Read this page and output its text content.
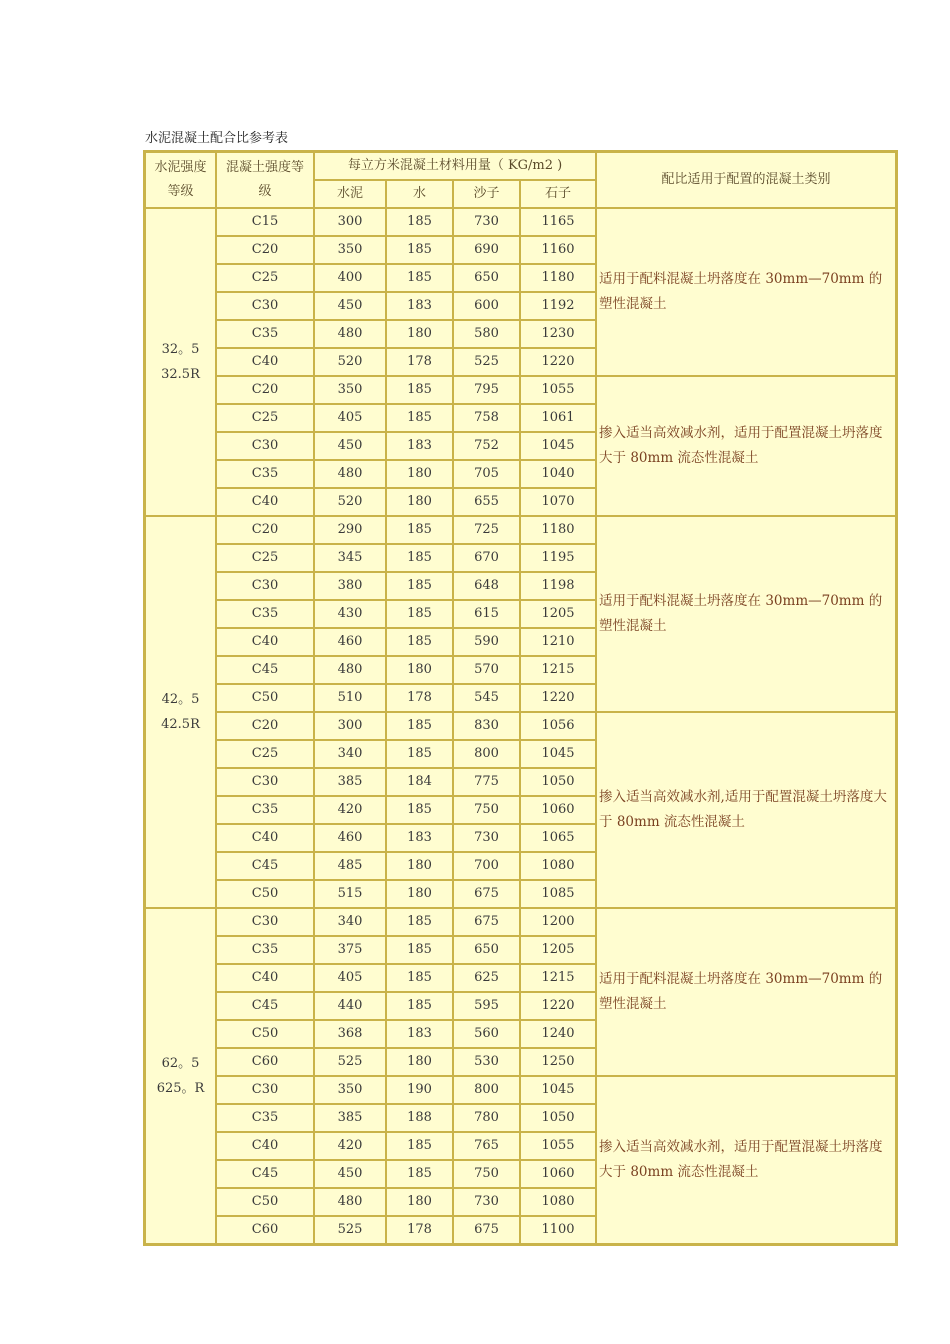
水泥混凝土配合比参考表
水泥强度
等级	混凝土强度等
级	每立方米混凝土材料用量（ KG/m2 )				配比适用于配置的混凝土类别
		水泥	水	沙子	石子	

32。5
32.5R	C15	300	185	730	1165	适用于配料混凝土坍落度在 30mm—70mm 的塑性混凝土
	C20	350	185	690	1160	
	C25	400	185	650	1180	
	C30	450	183	600	1192	
	C35	480	180	580	1230	
	C40	520	178	525	1220	
	C20	350	185	795	1055	掺入适当高效减水剂，适用于配置混凝土坍落度大于 80mm 流态性混凝土
	C25	405	185	758	1061	
	C30	450	183	752	1045	
	C35	480	180	705	1040	
	C40	520	180	655	1070	

42。5
42.5R	C20	290	185	725	1180	适用于配料混凝土坍落度在 30mm—70mm 的塑性混凝土
	C25	345	185	670	1195	
	C30	380	185	648	1198	
	C35	430	185	615	1205	
	C40	460	185	590	1210	
	C45	480	180	570	1215	
	C50	510	178	545	1220	
	C20	300	185	830	1056	掺入适当高效减水剂,适用于配置混凝土坍落度大于 80mm 流态性混凝土
	C25	340	185	800	1045	
	C30	385	184	775	1050	
	C35	420	185	750	1060	
	C40	460	183	730	1065	
	C45	485	180	700	1080	
	C50	515	180	675	1085	

62。5
625。R	C30	340	185	675	1200	适用于配料混凝土坍落度在 30mm—70mm 的塑性混凝土
	C35	375	185	650	1205	
	C40	405	185	625	1215	
	C45	440	185	595	1220	
	C50	368	183	560	1240	
	C60	525	180	530	1250	
	C30	350	190	800	1045	掺入适当高效减水剂，适用于配置混凝土坍落度大于 80mm 流态性混凝土
	C35	385	188	780	1050	
	C40	420	185	765	1055	
	C45	450	185	750	1060	
	C50	480	180	730	1080	
	C60	525	178	675	1100	
